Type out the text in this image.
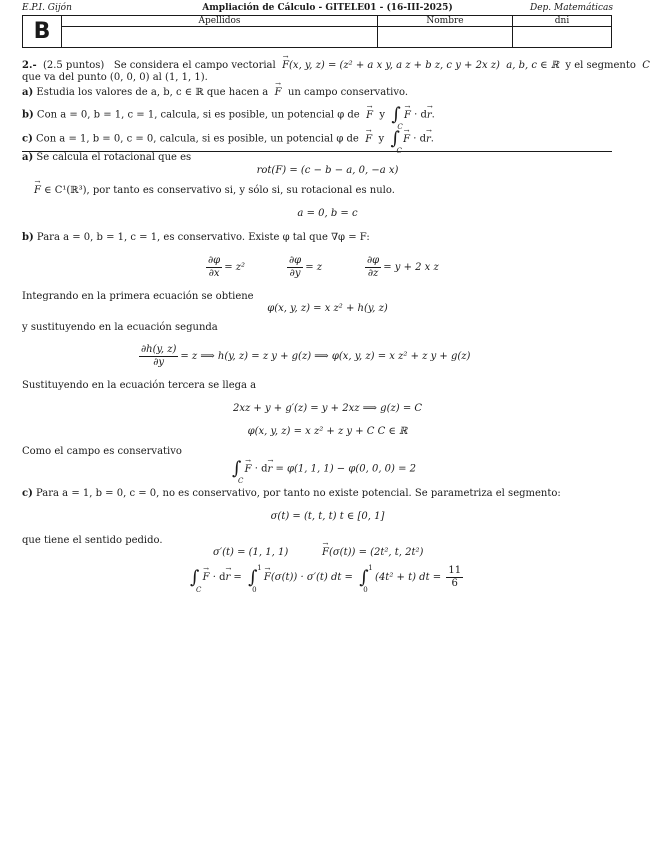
E.P.I. Gijón	Ampliación de Cálculo - GITELE01 - (16-III-2025)	Dep. Matemáticas
B	Apellidos	Nombre	dni

2.- (2.5 puntos) Se considera el campo vectorial → F(x, y, z) = (z² + a x y, a z + b z, c y + 2x z) a, b, c ∈ ℝ y el segmento C
que va del punto (0, 0, 0) al (1, 1, 1).
a) Estudia los valores de a, b, c ∈ ℝ que hacen a → F un campo conservativo.
b) Con a = 0, b = 1, c = 1, calcula, si es posible, un potencial φ de → F y ∫
C
→ F · d→ r.
c) Con a = 1, b = 0, c = 0, calcula, si es posible, un potencial φ de → F y ∫
C
→ F · d→ r.
a) Se calcula el rotacional que es
rot(F) = (c − b − a, 0, −a x)
→ F ∈ C¹(ℝ³), por tanto es conservativo si, y sólo si, su rotacional es nulo.
a = 0, b = c
b) Para a = 0, b = 1, c = 1, es conservativo. Existe φ tal que ∇φ = F:
$\frac{\partial\varphi}{\partial x} = z^2$	$\frac{\partial\varphi}{\partial y} = z$	$\frac{\partial\varphi}{\partial z} = y + 2$ x z
Integrando en la primera ecuación se obtiene
φ(x, y, z) = x z² + h(y, z)
y sustituyendo en la ecuación segunda
$\frac{\partial h(y, z)}{\partial y} = z$ ⟹ h(y, z) = z y + g(z) ⟹ φ(x, y, z) = x z² + z y + g(z)
Sustituyendo en la ecuación tercera se llega a
2xz + y + g′(z) = y + 2xz ⟹ g(z) = C
φ(x, y, z) = x z² + z y + C C ∈ ℝ
Como el campo es conservativo
∫
C
→ F · d→ r = φ(1, 1, 1) − φ(0, 0, 0) = 2
c) Para a = 1, b = 0, c = 0, no es conservativo, por tanto no existe potencial. Se parametriza el segmento:
σ(t) = (t, t, t) t ∈ [0, 1]
que tiene el sentido pedido.
σ′(t) = (1, 1, 1)	→ F(σ(t)) = (2t², t, 2t²)
∫
C
→ F · d→ r =  ∫ 1
0
→ F(σ(t)) · σ′(t) dt = ∫ 1
0
(4t² + t) dt = $\frac{11}{6}$
